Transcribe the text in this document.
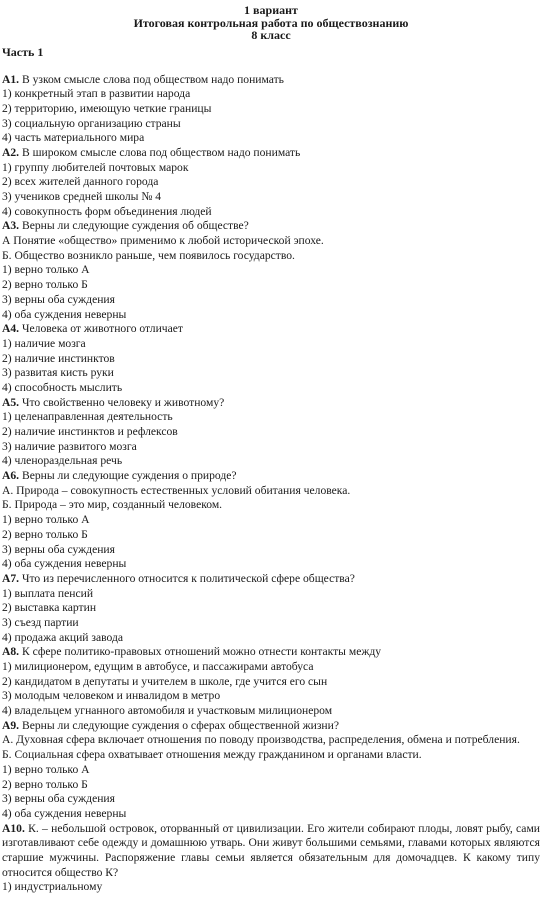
1 вариант
Итоговая контрольная работа по обществознанию
8 класс
Часть 1
А1. В узком смысле слова под обществом надо понимать
1) конкретный этап в развитии народа
2) территорию, имеющую четкие границы
3) социальную организацию страны
4) часть материального мира
А2. В широком смысле слова под обществом надо понимать
1) группу любителей почтовых марок
2) всех жителей данного города
3) учеников средней школы № 4
4) совокупность форм объединения людей
А3. Верны ли следующие суждения об обществе?
А Понятие «общество» применимо к любой исторической эпохе.
Б. Общество возникло раньше, чем появилось государство.
1) верно только А
2) верно только Б
3) верны оба суждения
4) оба суждения неверны
А4. Человека от животного отличает
1) наличие мозга
2) наличие инстинктов
3) развитая кисть руки
4) способность мыслить
А5. Что свойственно человеку и животному?
1) целенаправленная деятельность
2) наличие инстинктов и рефлексов
3) наличие развитого мозга
4) членораздельная речь
А6. Верны ли следующие суждения о природе?
А. Природа – совокупность естественных условий обитания человека.
Б. Природа – это мир, созданный человеком.
1) верно только А
2) верно только Б
3) верны оба суждения
4) оба суждения неверны
А7. Что из перечисленного относится к политической сфере общества?
1) выплата пенсий
2) выставка картин
3) съезд партии
4) продажа акций завода
А8. К сфере политико-правовых отношений можно отнести контакты между
1) милиционером, едущим в автобусе, и пассажирами автобуса
2) кандидатом в депутаты и учителем в школе, где учится его сын
3) молодым человеком и инвалидом в метро
4) владельцем угнанного автомобиля и участковым милиционером
А9. Верны ли следующие суждения о сферах общественной жизни?
А. Духовная сфера включает отношения по поводу производства, распределения, обмена и потребления.
Б. Социальная сфера охватывает отношения между гражданином и органами власти.
1) верно только А
2) верно только Б
3) верны оба суждения
4) оба суждения неверны
А10. К. – небольшой островок, оторванный от цивилизации. Его жители собирают плоды, ловят рыбу, сами изготавливают себе одежду и домашнюю утварь. Они живут большими семьями, главами которых являются старшие мужчины. Распоряжение главы семьи является обязательным для домочадцев. К какому типу относится общество К?
1) индустриальному
